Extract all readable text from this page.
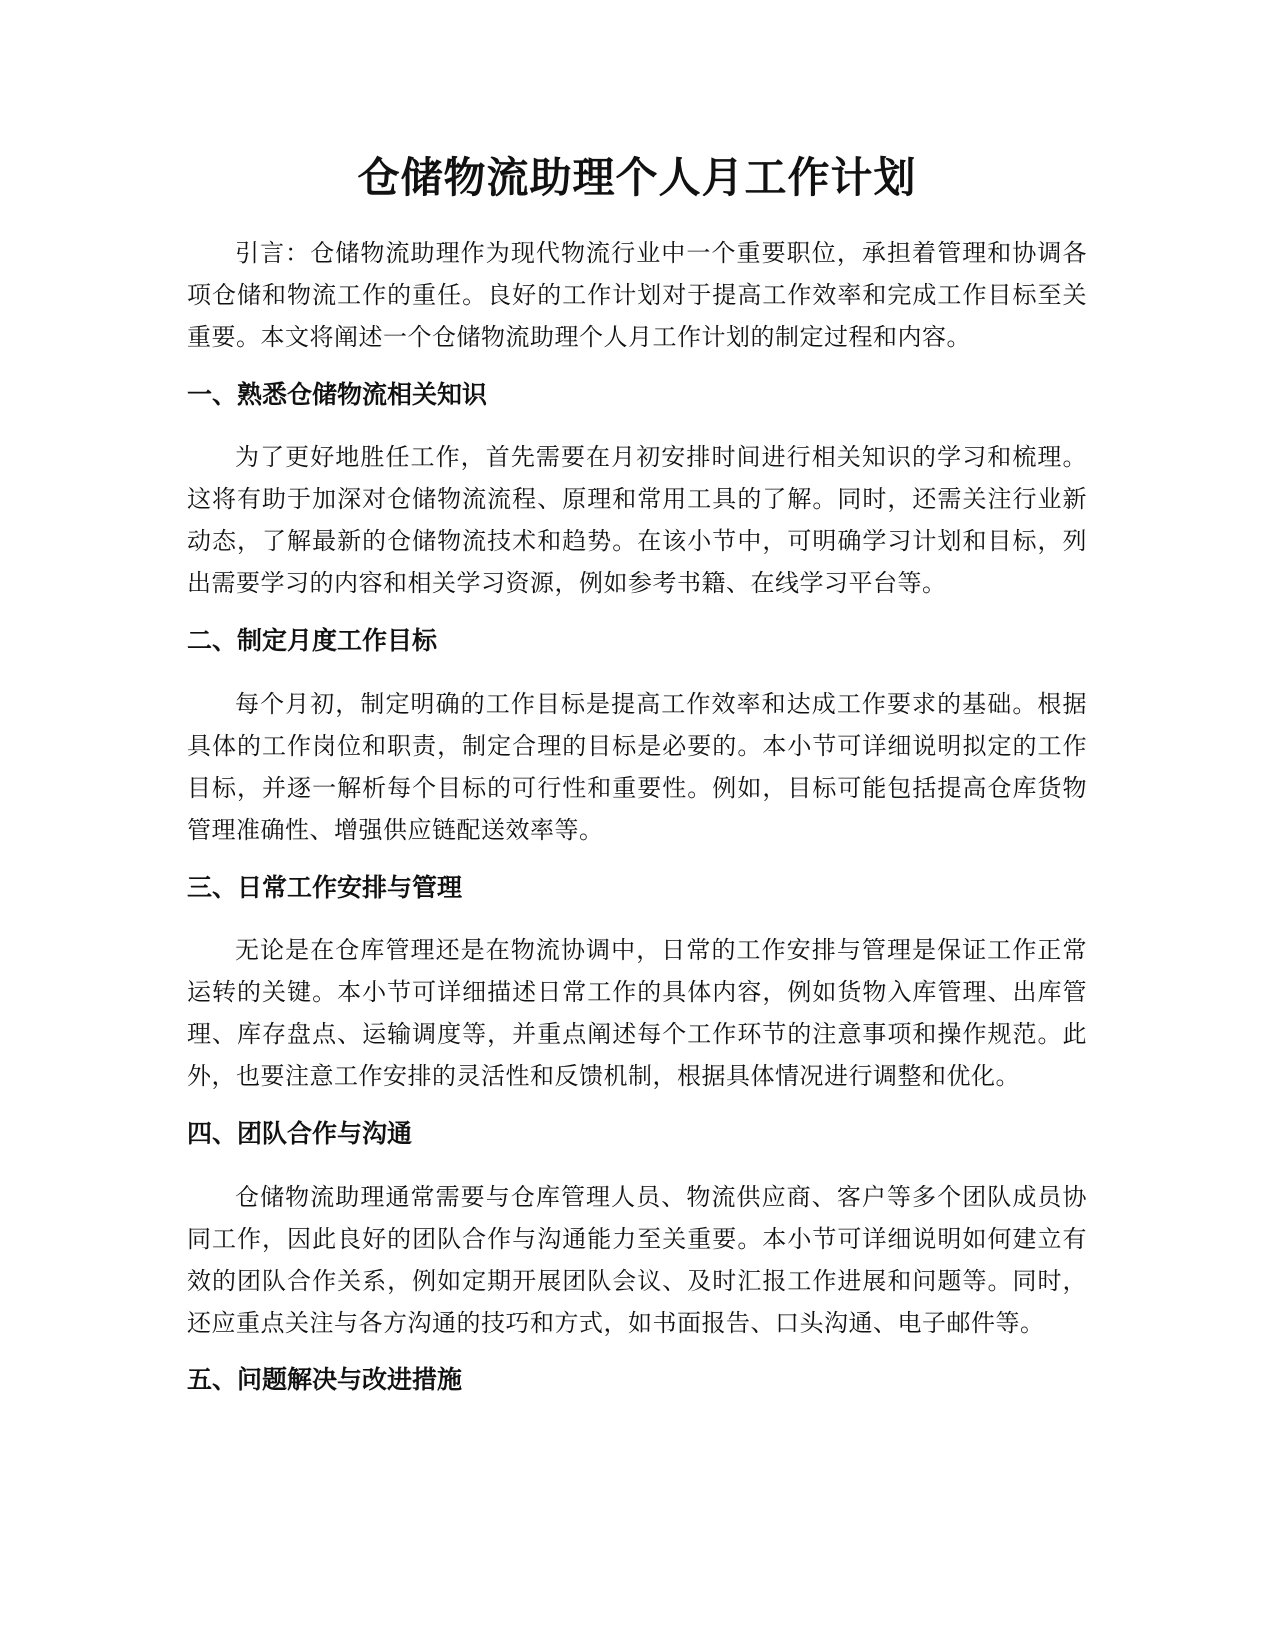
仓储物流助理个人月工作计划

引言：仓储物流助理作为现代物流行业中一个重要职位，承担着管理和协调各项仓储和物流工作的重任。良好的工作计划对于提高工作效率和完成工作目标至关重要。本文将阐述一个仓储物流助理个人月工作计划的制定过程和内容。

一、熟悉仓储物流相关知识

为了更好地胜任工作，首先需要在月初安排时间进行相关知识的学习和梳理。这将有助于加深对仓储物流流程、原理和常用工具的了解。同时，还需关注行业新动态，了解最新的仓储物流技术和趋势。在该小节中，可明确学习计划和目标，列出需要学习的内容和相关学习资源，例如参考书籍、在线学习平台等。

二、制定月度工作目标

每个月初，制定明确的工作目标是提高工作效率和达成工作要求的基础。根据具体的工作岗位和职责，制定合理的目标是必要的。本小节可详细说明拟定的工作目标，并逐一解析每个目标的可行性和重要性。例如，目标可能包括提高仓库货物管理准确性、增强供应链配送效率等。

三、日常工作安排与管理

无论是在仓库管理还是在物流协调中，日常的工作安排与管理是保证工作正常运转的关键。本小节可详细描述日常工作的具体内容，例如货物入库管理、出库管理、库存盘点、运输调度等，并重点阐述每个工作环节的注意事项和操作规范。此外，也要注意工作安排的灵活性和反馈机制，根据具体情况进行调整和优化。

四、团队合作与沟通

仓储物流助理通常需要与仓库管理人员、物流供应商、客户等多个团队成员协同工作，因此良好的团队合作与沟通能力至关重要。本小节可详细说明如何建立有效的团队合作关系，例如定期开展团队会议、及时汇报工作进展和问题等。同时，还应重点关注与各方沟通的技巧和方式，如书面报告、口头沟通、电子邮件等。

五、问题解决与改进措施
